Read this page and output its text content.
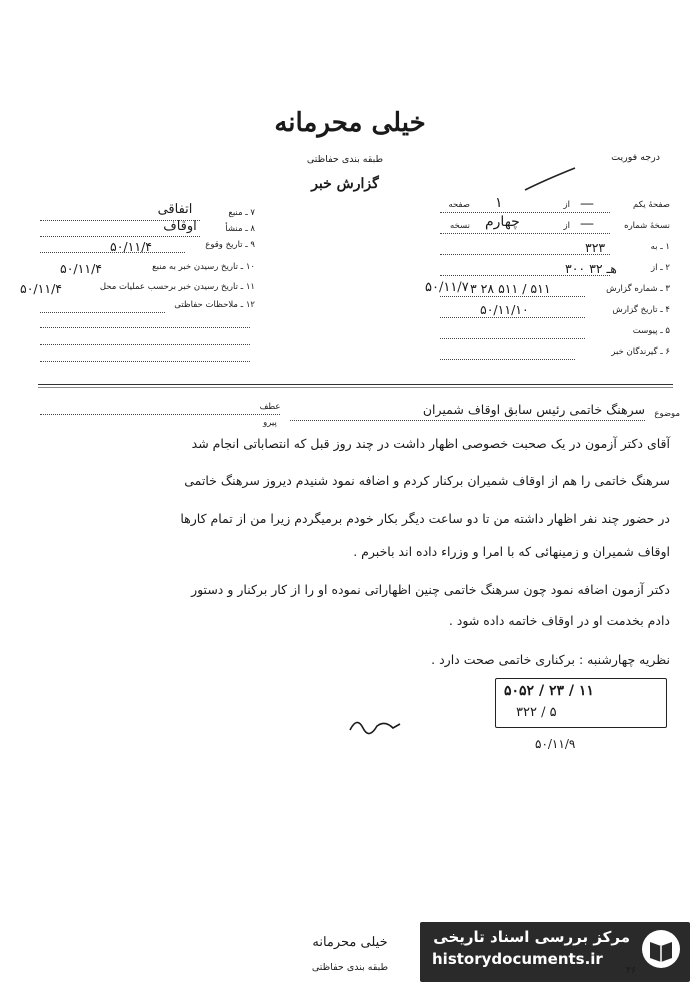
خیلی محرمانه
طبقه بندی حفاظتی
گزارش خبر
درجه فوریت
صفحهٔ یکم
از
صفحه	—
۱
نسخهٔ شماره
از
نسخه	—
چهارم
۱ ـ به
۳۲۳
۲ ـ از
۳۰۰ هـ ۳۲
۳ ـ شماره گزارش
۳ ۲۸ ۵۱۱ / ۵۱۱
۵۰/۱۱/۷
۴ ـ تاریخ گزارش
۵۰/۱۱/۱۰
۵ ـ پیوست
۶ ـ گیرندگان خبر
۷ ـ منبع
اتفاقی
۸ ـ منشأ
اوقاف
۹ ـ تاریخ وقوع
۵۰/۱۱/۴
۱۰ ـ تاریخ رسیدن خبر به منبع
۵۰/۱۱/۴
۱۱ ـ تاریخ رسیدن خبر برحسب عملیات محل
۵۰/۱۱/۴
۱۲ ـ ملاحظات حفاظتی
موضوع
سرهنگ خاتمی رئیس سابق اوقاف شمیران
عطف
پیرو
آقای دکتر آزمون در یک صحبت خصوصی اظهار داشت در چند روز قبل که انتصاباتی انجام شد
سرهنگ خاتمی را هم از اوقاف شمیران برکنار کردم و اضافه نمود شنیدم دیروز سرهنگ خاتمی
در حضور چند نفر اظهار داشته من تا دو ساعت دیگر بکار خودم برمیگردم زیرا من از تمام کارها
اوقاف شمیران و زمینهائی که با امرا و وزراء داده اند باخبرم .
دکتر آزمون اضافه نمود چون سرهنگ خاتمی چنین اظهاراتی نموده او را از کار برکنار و دستور
دادم بخدمت او در اوقاف خاتمه داده شود .
نظریه چهارشنبه : برکناری خاتمی صحت دارد .
۵۰۵۲ / ۲۳ / ۱۱
۳۲۲ / ۵
۵۰/۱۱/۹
خیلی محرمانه
طبقه بندی حفاظتی
مرکز بررسی اسناد تاریخی
historydocuments.ir
۴۶
